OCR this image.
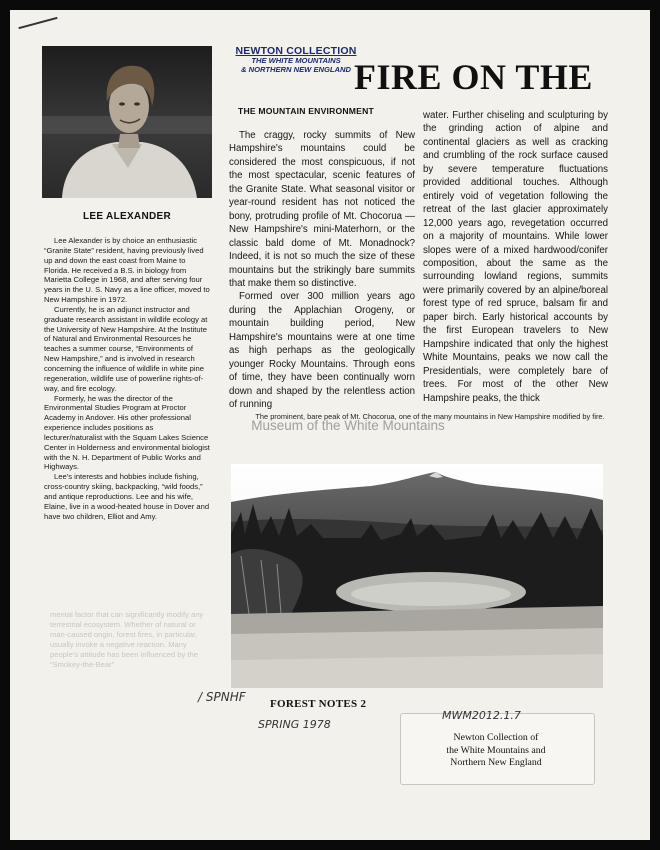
LEE ALEXANDER

Lee Alexander is by choice an enthusiastic “Granite State” resident, having previously lived up and down the east coast from Maine to Florida. He received a B.S. in biology from Marietta College in 1968, and after serving four years in the U. S. Navy as a line officer, moved to New Hampshire in 1972.

Currently, he is an adjunct instructor and graduate research assistant in wildlife ecology at the University of New Hampshire. At the Institute of Natural and Environmental Resources he teaches a summer course, “Environments of New Hampshire,” and is involved in research concerning the influence of wildlife in white pine regeneration, wildlife use of powerline rights-of-way, and fire ecology.

Formerly, he was the director of the Environmental Studies Program at Proctor Academy in Andover. His other professional experience includes positions as lecturer/naturalist with the Squam Lakes Science Center in Holderness and environmental biologist with the N. H. Department of Public Works and Highways.

Lee’s interests and hobbies include fishing, cross-country skiing, backpacking, “wild foods,” and antique reproductions. Lee and his wife, Elaine, live in a wood-heated house in Dover and have two children, Elliot and Amy.

mental factor that can significantly modify any terrestrial ecosystem. Whether of natural or man-caused origin, forest fires, in particular, usually invoke a negative reaction. Many people's attitude has been influenced by the “Smokey-the-Bear”

NEWTON COLLECTION
THE WHITE MOUNTAINS
& NORTHERN NEW ENGLAND FIRE ON THE
THE MOUNTAIN ENVIRONMENT

The craggy, rocky summits of New Hampshire's mountains could be considered the most conspicuous, if not the most spectacular, scenic features of the Granite State. What seasonal visitor or year-round resident has not noticed the bony, protruding profile of Mt. Chocorua — New Hampshire's mini-Materhorn, or the classic bald dome of Mt. Monadnock? Indeed, it is not so much the size of these mountains but the strikingly bare summits that make them so distinctive.

Formed over 300 million years ago during the Applachian Orogeny, or mountain building period, New Hampshire's mountains were at one time as high perhaps as the geologically younger Rocky Mountains. Through eons of time, they have been continually worn down and shaped by the relentless action of running

water. Further chiseling and sculpturing by the grinding action of alpine and continental glaciers as well as cracking and crumbling of the rock surface caused by severe temperature fluctuations provided additional touches. Although entirely void of vegetation following the retreat of the last glacier approximately 12,000 years ago, revegetation occurred on a majority of mountains. While lower slopes were of a mixed hardwood/conifer composition, about the same as the surrounding lowland regions, summits were primarily covered by an alpine/boreal forest type of red spruce, balsam fir and paper birch. Early historical accounts by the first European travelers to New Hampshire indicated that only the highest White Mountains, peaks we now call the Presidentials, were completely bare of trees. For most of the other New Hampshire peaks, the thick

The prominent, bare peak of Mt. Chocorua, one of the many mountains in New Hampshire modified by fire.
Museum of the White Mountains
/ SPNHF FOREST NOTES 2
SPRING 1978
MWM2012.1.7
Newton Collection of
the White Mountains and
Northern New England
